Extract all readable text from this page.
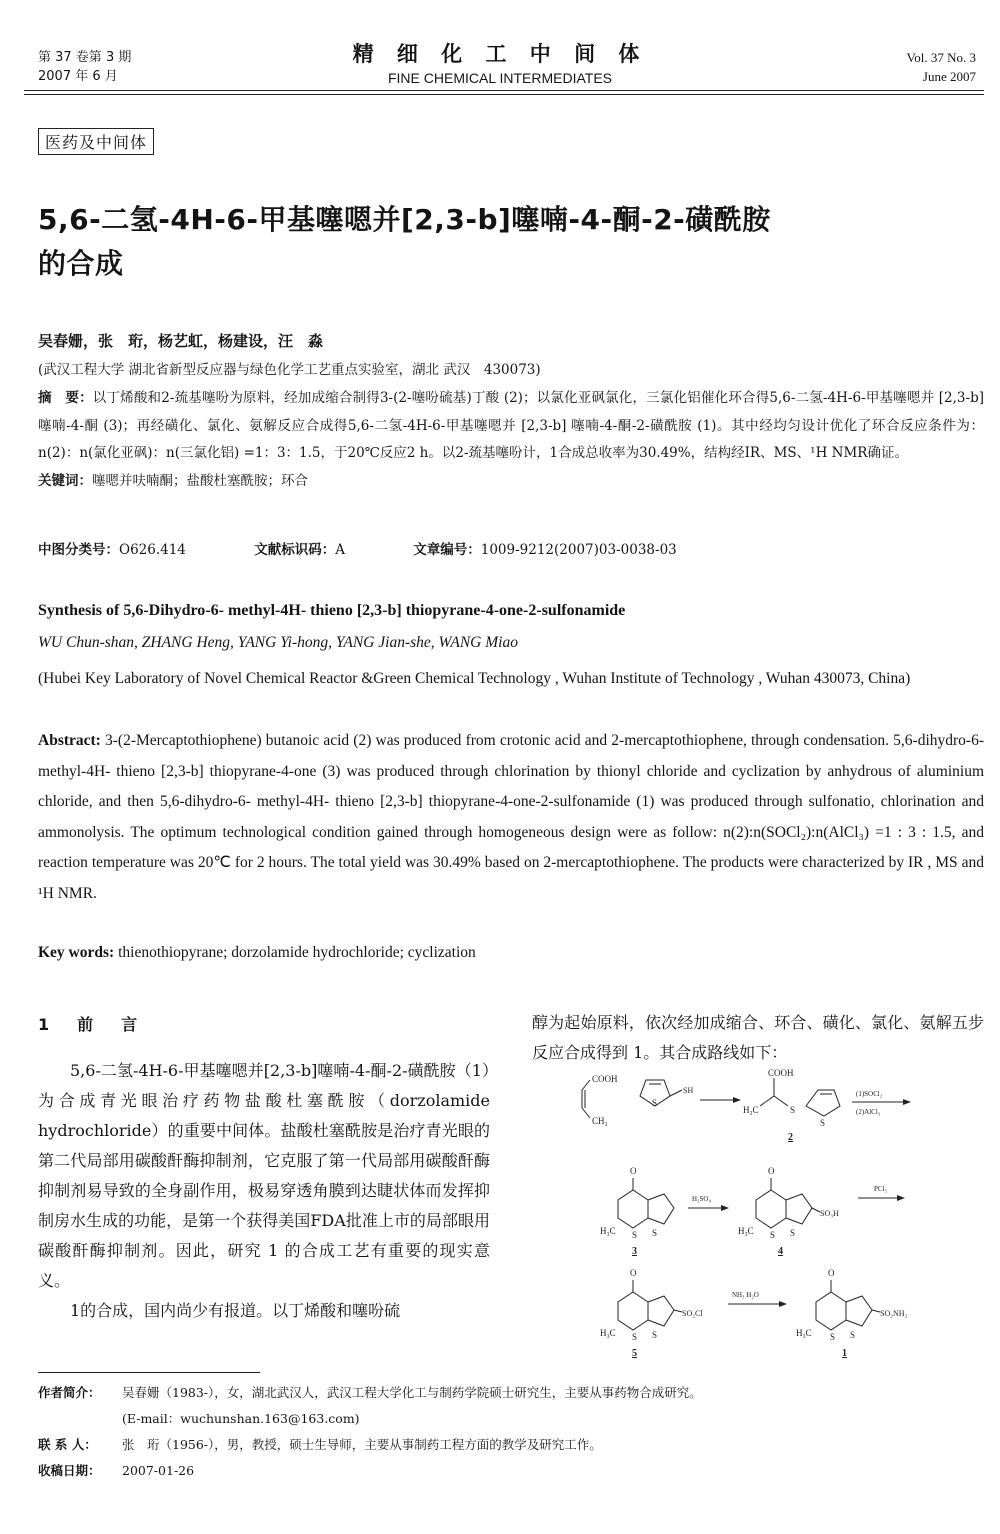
第 37 卷第 3 期
2007 年 6 月
精 细 化 工 中 间 体
FINE CHEMICAL INTERMEDIATES
Vol. 37 No. 3
June 2007
医药及中间体
5,6-二氢-4H-6-甲基噻嗯并[2,3-b]噻喃-4-酮-2-磺酰胺
的合成
吴春姗，张　珩，杨艺虹，杨建设，汪　淼
(武汉工程大学 湖北省新型反应器与绿色化学工艺重点实验室，湖北 武汉　430073)
摘　要：以丁烯酸和2-巯基噻吩为原料，经加成缩合制得3-(2-噻吩硫基)丁酸 (2)；以氯化亚砜氯化，三氯化铝催化环合得5,6-二氢-4H-6-甲基噻嗯并 [2,3-b] 噻喃-4-酮 (3)；再经磺化、氯化、氨解反应合成得5,6-二氢-4H-6-甲基噻嗯并 [2,3-b] 噻喃-4-酮-2-磺酰胺 (1)。其中经均匀设计优化了环合反应条件为：n(2)：n(氯化亚砜)：n(三氯化铝) =1：3：1.5，于20℃反应2 h。以2-巯基噻吩计，1合成总收率为30.49%，结构经IR、MS、¹H NMR确证。
关键词：噻嗯并呋喃酮；盐酸杜塞酰胺；环合
中图分类号：O626.414	文献标识码：A	文章编号：1009-9212(2007)03-0038-03
Synthesis of 5,6-Dihydro-6- methyl-4H- thieno [2,3-b] thiopyrane-4-one-2-sulfonamide
WU Chun-shan, ZHANG Heng, YANG Yi-hong, YANG Jian-she, WANG Miao
(Hubei Key Laboratory of Novel Chemical Reactor &Green Chemical Technology , Wuhan Institute of Technology , Wuhan 430073, China)
Abstract: 3-(2-Mercaptothiophene) butanoic acid (2) was produced from crotonic acid and 2-mercaptothiophene, through condensation. 5,6-dihydro-6- methyl-4H- thieno [2,3-b] thiopyrane-4-one (3) was produced through chlorination by thionyl chloride and cyclization by anhydrous of aluminium chloride, and then 5,6-dihydro-6- methyl-4H- thieno [2,3-b] thiopyrane-4-one-2-sulfonamide (1) was produced through sulfonatio, chlorination and ammonolysis. The optimum technological condition gained through homogeneous design were as follow: n(2):n(SOCl₂):n(AlCl₃) =1 : 3 : 1.5, and reaction temperature was 20℃ for 2 hours. The total yield was 30.49% based on 2-mercaptothiophene. The products were characterized by IR , MS and ¹H NMR.
Key words: thienothiopyrane; dorzolamide hydrochloride; cyclization
1　前　言

5,6-二氢-4H-6-甲基噻嗯并[2,3-b]噻喃-4-酮-2-磺酰胺（1）为合成青光眼治疗药物盐酸杜塞酰胺（dorzolamide hydrochloride）的重要中间体。盐酸杜塞酰胺是治疗青光眼的第二代局部用碳酸酐酶抑制剂，它克服了第一代局部用碳酸酐酶抑制剂易导致的全身副作用，极易穿透角膜到达睫状体而发挥抑制房水生成的功能，是第一个获得美国FDA批准上市的局部眼用碳酸酐酶抑制剂。因此，研究 1 的合成工艺有重要的现实意义。

1的合成，国内尚少有报道。以丁烯酸和噻吩硫

醇为起始原料，依次经加成缩合、环合、磺化、氯化、氨解五步反应合成得到 1。其合成路线如下：

COOH
CH₃
S
SH
H₃C
COOH
S
S
2
(1)SOCl₂
(2)AlCl₃
O
H₃C S S
3
H₂SO₄
O
SO₃H
H₃C S S
4
PCl₅
O
SO₂Cl
H₃C S S
5
NH₃ H₂O
O
SO₂NH₂
H₃C S S
1
作者简介： 吴春姗（1983-），女，湖北武汉人，武汉工程大学化工与制药学院硕士研究生，主要从事药物合成研究。
(E-mail：wuchunshan.163@163.com)
联 系 人： 张　珩（1956-），男，教授，硕士生导师，主要从事制药工程方面的教学及研究工作。
收稿日期： 2007-01-26
